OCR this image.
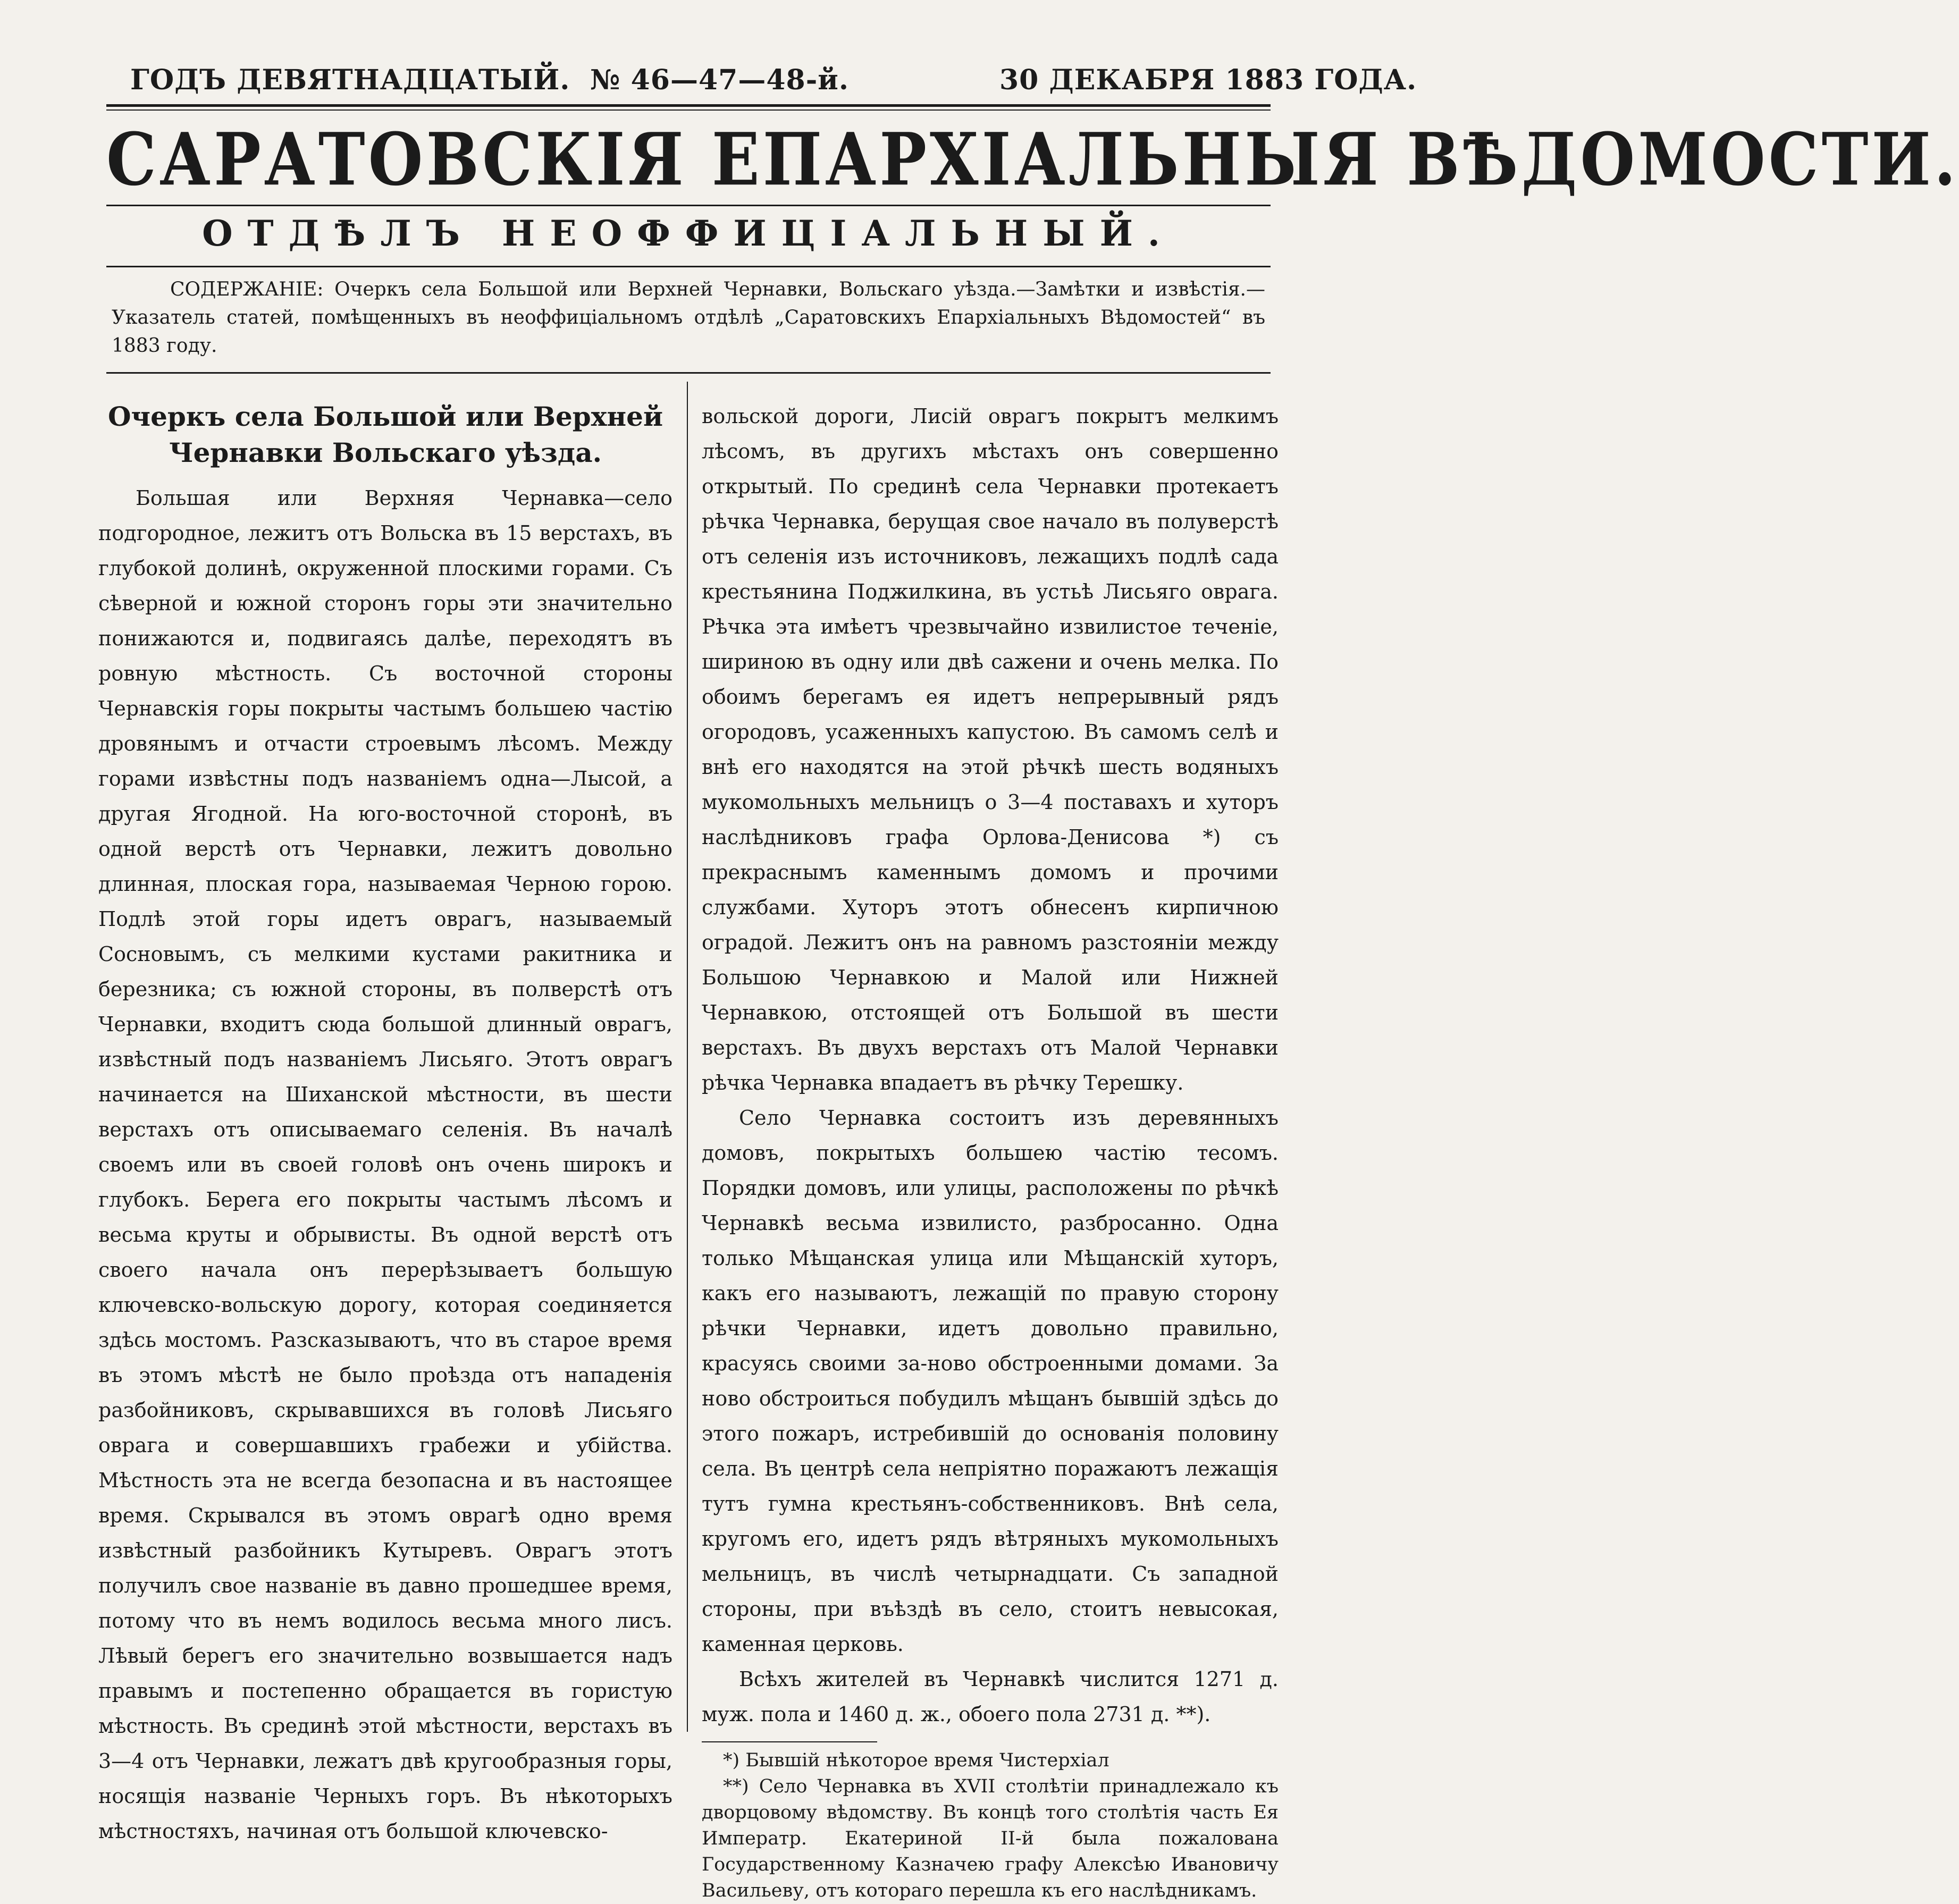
ГОДЪ ДЕВЯТНАДЦАТЫЙ. № 46—47—48-й.	30 ДЕКАБРЯ 1883 ГОДА.
САРАТОВСКІЯ ЕПАРХІАЛЬНЫЯ ВѢДОМОСТИ.
ОТДѢЛЪ НЕОФФИЦІАЛЬНЫЙ.
СОДЕРЖАНІЕ: Очеркъ села Большой или Верхней Чернавки, Вольскаго уѣзда.—Замѣтки и извѣстія.—Указатель статей, помѣщенныхъ въ неоффиціальномъ отдѣлѣ „Саратовскихъ Епархіальныхъ Вѣдомостей“ въ 1883 году.
Очеркъ села Большой или Верхней Чернавки Вольскаго уѣзда.

Большая или Верхняя Чернавка—село подгородное, лежитъ отъ Вольска въ 15 верстахъ, въ глубокой долинѣ, окруженной плоскими горами. Съ сѣверной и южной сторонъ горы эти значительно понижаются и, подвигаясь далѣе, переходятъ въ ровную мѣстность. Съ восточной стороны Чернавскія горы покрыты частымъ большею частію дровянымъ и отчасти строевымъ лѣсомъ. Между горами извѣстны подъ названіемъ одна—Лысой, а другая Ягодной. На юго-восточной сторонѣ, въ одной верстѣ отъ Чернавки, лежитъ довольно длинная, плоская гора, называемая Черною горою. Подлѣ этой горы идетъ оврагъ, называемый Сосновымъ, съ мелкими кустами ракитника и березника; съ южной стороны, въ полверстѣ отъ Чернавки, входитъ сюда большой длинный оврагъ, извѣстный подъ названіемъ Лисьяго. Этотъ оврагъ начинается на Шиханской мѣстности, въ шести верстахъ отъ описываемаго селенія. Въ началѣ своемъ или въ своей головѣ онъ очень широкъ и глубокъ. Берега его покрыты частымъ лѣсомъ и весьма круты и обрывисты. Въ одной верстѣ отъ своего начала онъ перерѣзываетъ большую ключевско-вольскую дорогу, которая соединяется здѣсь мостомъ. Разсказываютъ, что въ старое время въ этомъ мѣстѣ не было проѣзда отъ нападенія разбойниковъ, скрывавшихся въ головѣ Лисьяго оврага и совершавшихъ грабежи и убійства. Мѣстность эта не всегда безопасна и въ настоящее время. Скрывался въ этомъ оврагѣ одно время извѣстный разбойникъ Кутыревъ. Оврагъ этотъ получилъ свое названіе въ давно прошедшее время, потому что въ немъ водилось весьма много лисъ. Лѣвый берегъ его значительно возвышается надъ правымъ и постепенно обращается въ гористую мѣстность. Въ срединѣ этой мѣстности, верстахъ въ 3—4 отъ Чернавки, лежатъ двѣ кругообразныя горы, носящія названіе Черныхъ горъ. Въ нѣкоторыхъ мѣстностяхъ, начиная отъ большой ключевско-

вольской дороги, Лисій оврагъ покрытъ мелкимъ лѣсомъ, въ другихъ мѣстахъ онъ совершенно открытый. По срединѣ села Чернавки протекаетъ рѣчка Чернавка, берущая свое начало въ полуверстѣ отъ селенія изъ источниковъ, лежащихъ подлѣ сада крестьянина Поджилкина, въ устьѣ Лисьяго оврага. Рѣчка эта имѣетъ чрезвычайно извилистое теченіе, шириною въ одну или двѣ сажени и очень мелка. По обоимъ берегамъ ея идетъ непрерывный рядъ огородовъ, усаженныхъ капустою. Въ самомъ селѣ и внѣ его находятся на этой рѣчкѣ шесть водяныхъ мукомольныхъ мельницъ о 3—4 поставахъ и хуторъ наслѣдниковъ графа Орлова-Денисова *) съ прекраснымъ каменнымъ домомъ и прочими службами. Хуторъ этотъ обнесенъ кирпичною оградой. Лежитъ онъ на равномъ разстояніи между Большою Чернавкою и Малой или Нижней Чернавкою, отстоящей отъ Большой въ шести верстахъ. Въ двухъ верстахъ отъ Малой Чернавки рѣчка Чернавка впадаетъ въ рѣчку Терешку.

Село Чернавка состоитъ изъ деревянныхъ домовъ, покрытыхъ большею частію тесомъ. Порядки домовъ, или улицы, расположены по рѣчкѣ Чернавкѣ весьма извилисто, разбросанно. Одна только Мѣщанская улица или Мѣщанскій хуторъ, какъ его называютъ, лежащій по правую сторону рѣчки Чернавки, идетъ довольно правильно, красуясь своими за-ново обстроенными домами. За ново обстроиться побудилъ мѣщанъ бывшій здѣсь до этого пожаръ, истребившій до основанія половину села. Въ центрѣ села непріятно поражаютъ лежащія тутъ гумна крестьянъ-собственниковъ. Внѣ села, кругомъ его, идетъ рядъ вѣтряныхъ мукомольныхъ мельницъ, въ числѣ четырнадцати. Съ западной стороны, при въѣздѣ въ село, стоитъ невысокая, каменная церковь.

Всѣхъ жителей въ Чернавкѣ числится 1271 д. муж. пола и 1460 д. ж., обоего пола 2731 д. **).

*) Бывшій нѣкоторое время Чистерхіал

**) Село Чернавка въ XVII столѣтіи принадлежало къ дворцовому вѣдомству. Въ концѣ того столѣтія часть Ея Императр. Екатериной II-й была пожалована Государственному Казначею графу Алексѣю Ивановичу Васильеву, отъ котораго перешла къ его наслѣдникамъ.
